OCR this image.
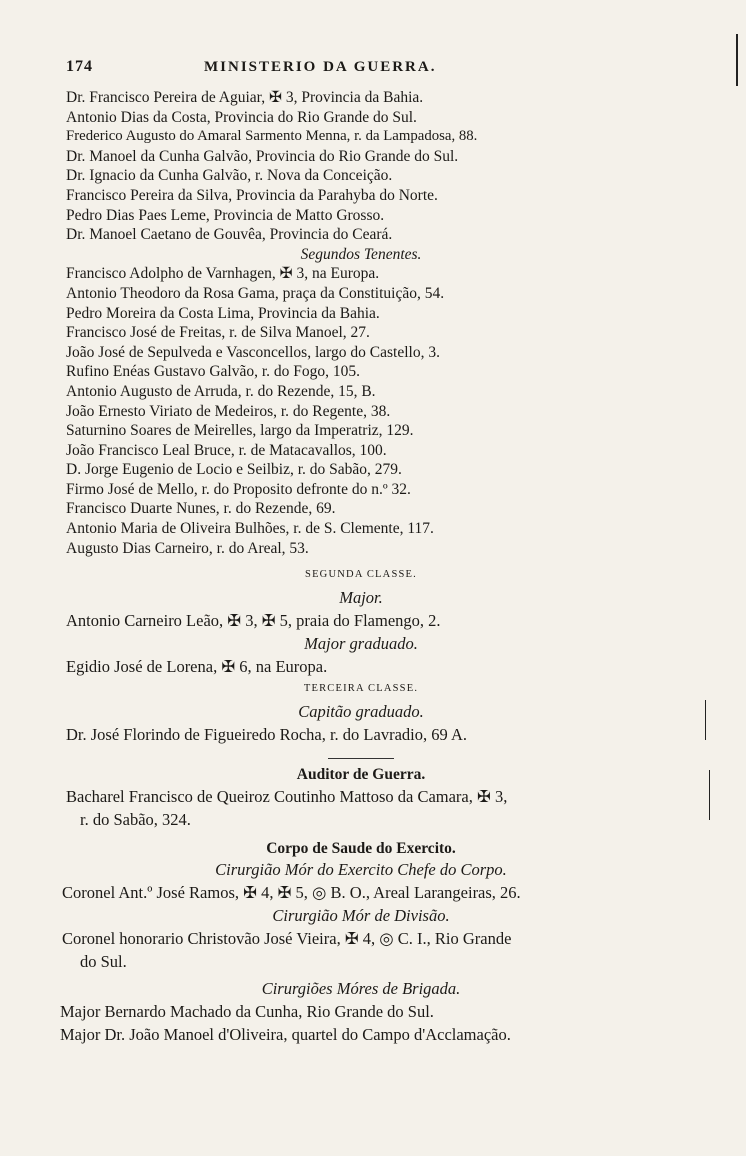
174	MINISTERIO DA GUERRA.
Dr. Francisco Pereira de Aguiar, ✠ 3, Provincia da Bahia.
Antonio Dias da Costa, Provincia do Rio Grande do Sul.
Frederico Augusto do Amaral Sarmento Menna, r. da Lampadosa, 88.
Dr. Manoel da Cunha Galvão, Provincia do Rio Grande do Sul.
Dr. Ignacio da Cunha Galvão, r. Nova da Conceição.
Francisco Pereira da Silva, Provincia da Parahyba do Norte.
Pedro Dias Paes Leme, Provincia de Matto Grosso.
Dr. Manoel Caetano de Gouvêa, Provincia do Ceará.
Segundos Tenentes.
Francisco Adolpho de Varnhagen, ✠ 3, na Europa.
Antonio Theodoro da Rosa Gama, praça da Constituição, 54.
Pedro Moreira da Costa Lima, Provincia da Bahia.
Francisco José de Freitas, r. de Silva Manoel, 27.
João José de Sepulveda e Vasconcellos, largo do Castello, 3.
Rufino Enéas Gustavo Galvão, r. do Fogo, 105.
Antonio Augusto de Arruda, r. do Rezende, 15, B.
João Ernesto Viriato de Medeiros, r. do Regente, 38.
Saturnino Soares de Meirelles, largo da Imperatriz, 129.
João Francisco Leal Bruce, r. de Matacavallos, 100.
D. Jorge Eugenio de Locio e Seilbiz, r. do Sabão, 279.
Firmo José de Mello, r. do Proposito defronte do n.º 32.
Francisco Duarte Nunes, r. do Rezende, 69.
Antonio Maria de Oliveira Bulhões, r. de S. Clemente, 117.
Augusto Dias Carneiro, r. do Areal, 53.
SEGUNDA CLASSE.
Major.
Antonio Carneiro Leão, ✠ 3, ✠ 5, praia do Flamengo, 2.
Major graduado.
Egidio José de Lorena, ✠ 6, na Europa.
TERCEIRA CLASSE.
Capitão graduado.
Dr. José Florindo de Figueiredo Rocha, r. do Lavradio, 69 A.
Auditor de Guerra.
Bacharel Francisco de Queiroz Coutinho Mattoso da Camara, ✠ 3,
r. do Sabão, 324.
Corpo de Saude do Exercito.
Cirurgião Mór do Exercito Chefe do Corpo.
Coronel Ant.º José Ramos, ✠ 4, ✠ 5, ◎ B. O., Areal Larangeiras, 26.
Cirurgião Mór de Divisão.
Coronel honorario Christovão José Vieira, ✠ 4, ◎ C. I., Rio Grande
do Sul.
Cirurgiões Móres de Brigada.
Major Bernardo Machado da Cunha, Rio Grande do Sul.
Major Dr. João Manoel d'Oliveira, quartel do Campo d'Acclamação.
